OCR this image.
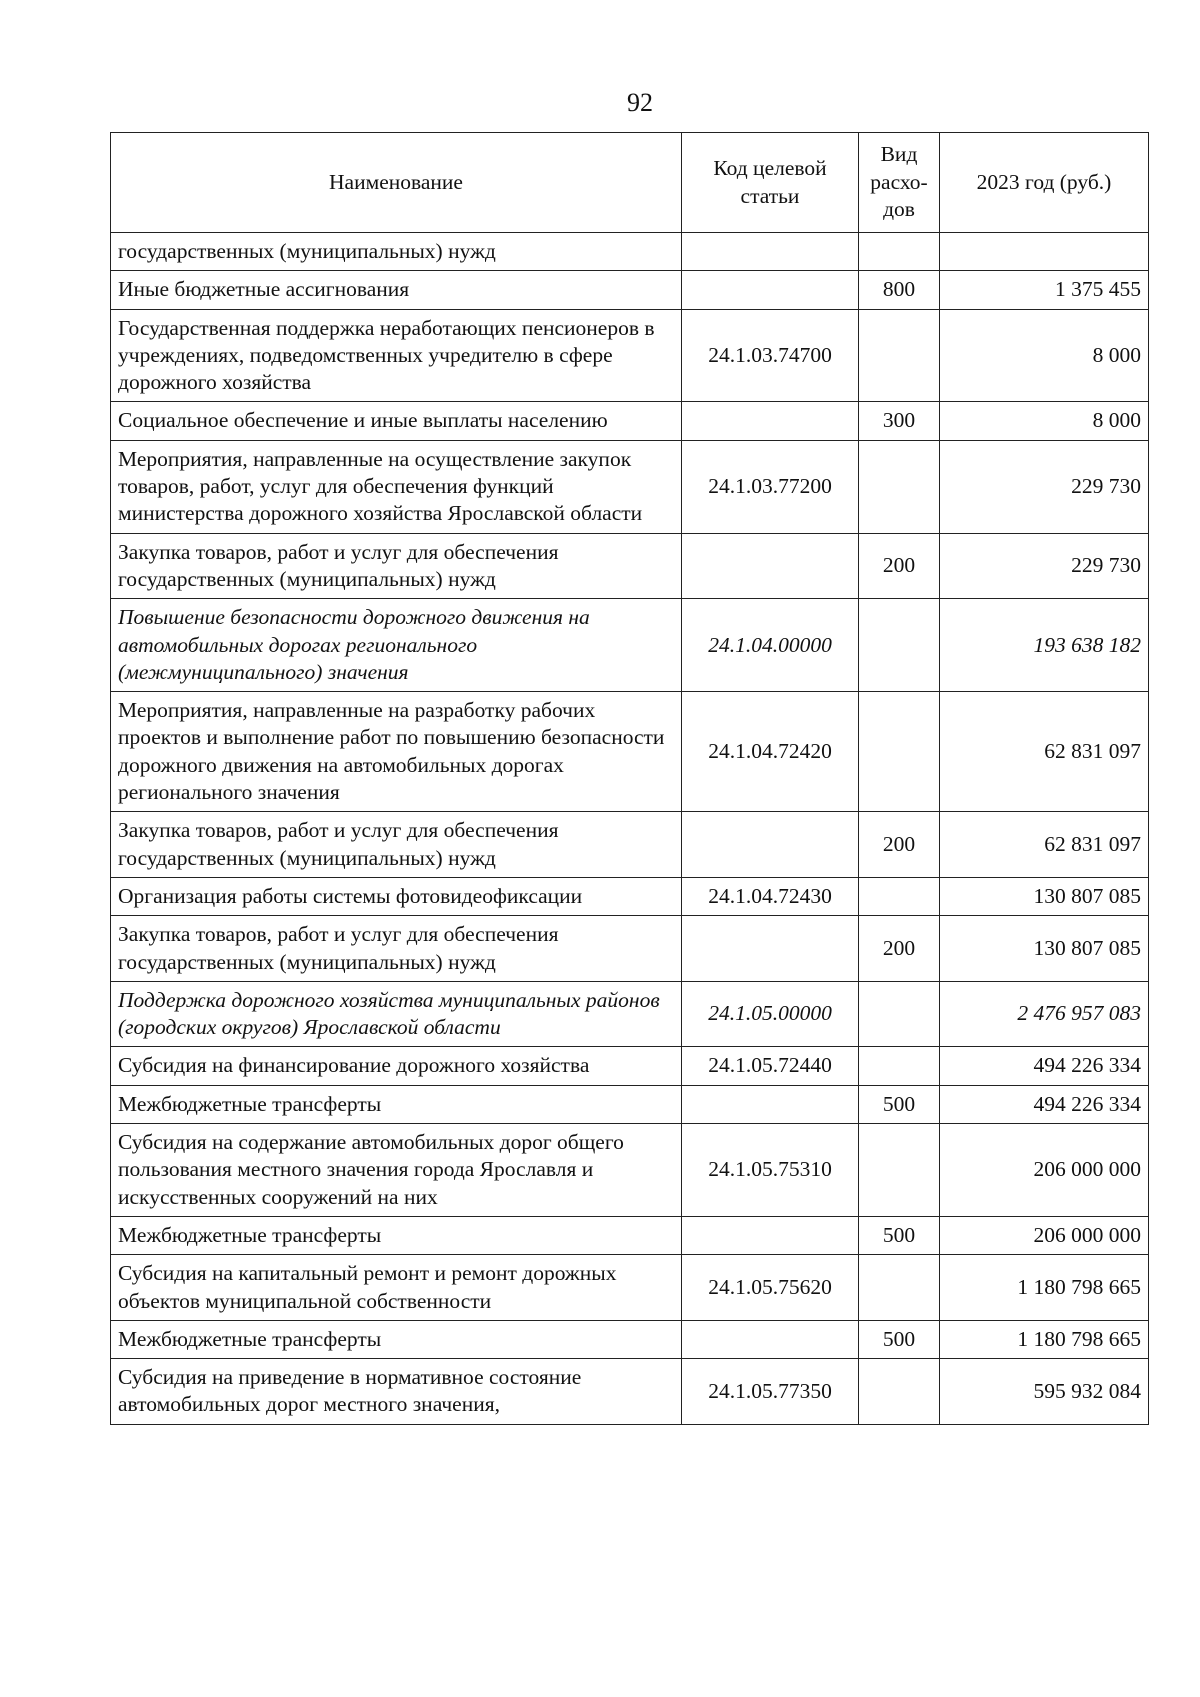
92
Наименование	Код целевой статьи	Вид расхо-дов	2023 год (руб.)
государственных (муниципальных) нужд			
Иные бюджетные ассигнования		800	1 375 455
Государственная поддержка неработающих пенсионеров в учреждениях, подведомственных учредителю в сфере дорожного хозяйства	24.1.03.74700		8 000
Социальное обеспечение и иные выплаты населению		300	8 000
Мероприятия, направленные на осуществление закупок товаров, работ, услуг для обеспечения функций министерства дорожного хозяйства Ярославской области	24.1.03.77200		229 730
Закупка товаров, работ и услуг для обеспечения государственных (муниципальных) нужд		200	229 730
Повышение безопасности дорожного движения на автомобильных дорогах регионального (межмуниципального) значения	24.1.04.00000		193 638 182
Мероприятия, направленные на разработку рабочих проектов и выполнение работ по повышению безопасности дорожного движения на автомобильных дорогах регионального значения	24.1.04.72420		62 831 097
Закупка товаров, работ и услуг для обеспечения государственных (муниципальных) нужд		200	62 831 097
Организация работы системы фотовидеофиксации	24.1.04.72430		130 807 085
Закупка товаров, работ и услуг для обеспечения государственных (муниципальных) нужд		200	130 807 085
Поддержка дорожного хозяйства муниципальных районов (городских округов) Ярославской области	24.1.05.00000		2 476 957 083
Субсидия на финансирование дорожного хозяйства	24.1.05.72440		494 226 334
Межбюджетные трансферты		500	494 226 334
Субсидия на содержание автомобильных дорог общего пользования местного значения города Ярославля и искусственных сооружений на них	24.1.05.75310		206 000 000
Межбюджетные трансферты		500	206 000 000
Субсидия на капитальный ремонт и ремонт дорожных объектов муниципальной собственности	24.1.05.75620		1 180 798 665
Межбюджетные трансферты		500	1 180 798 665
Субсидия на приведение в нормативное состояние автомобильных дорог местного значения,	24.1.05.77350		595 932 084
